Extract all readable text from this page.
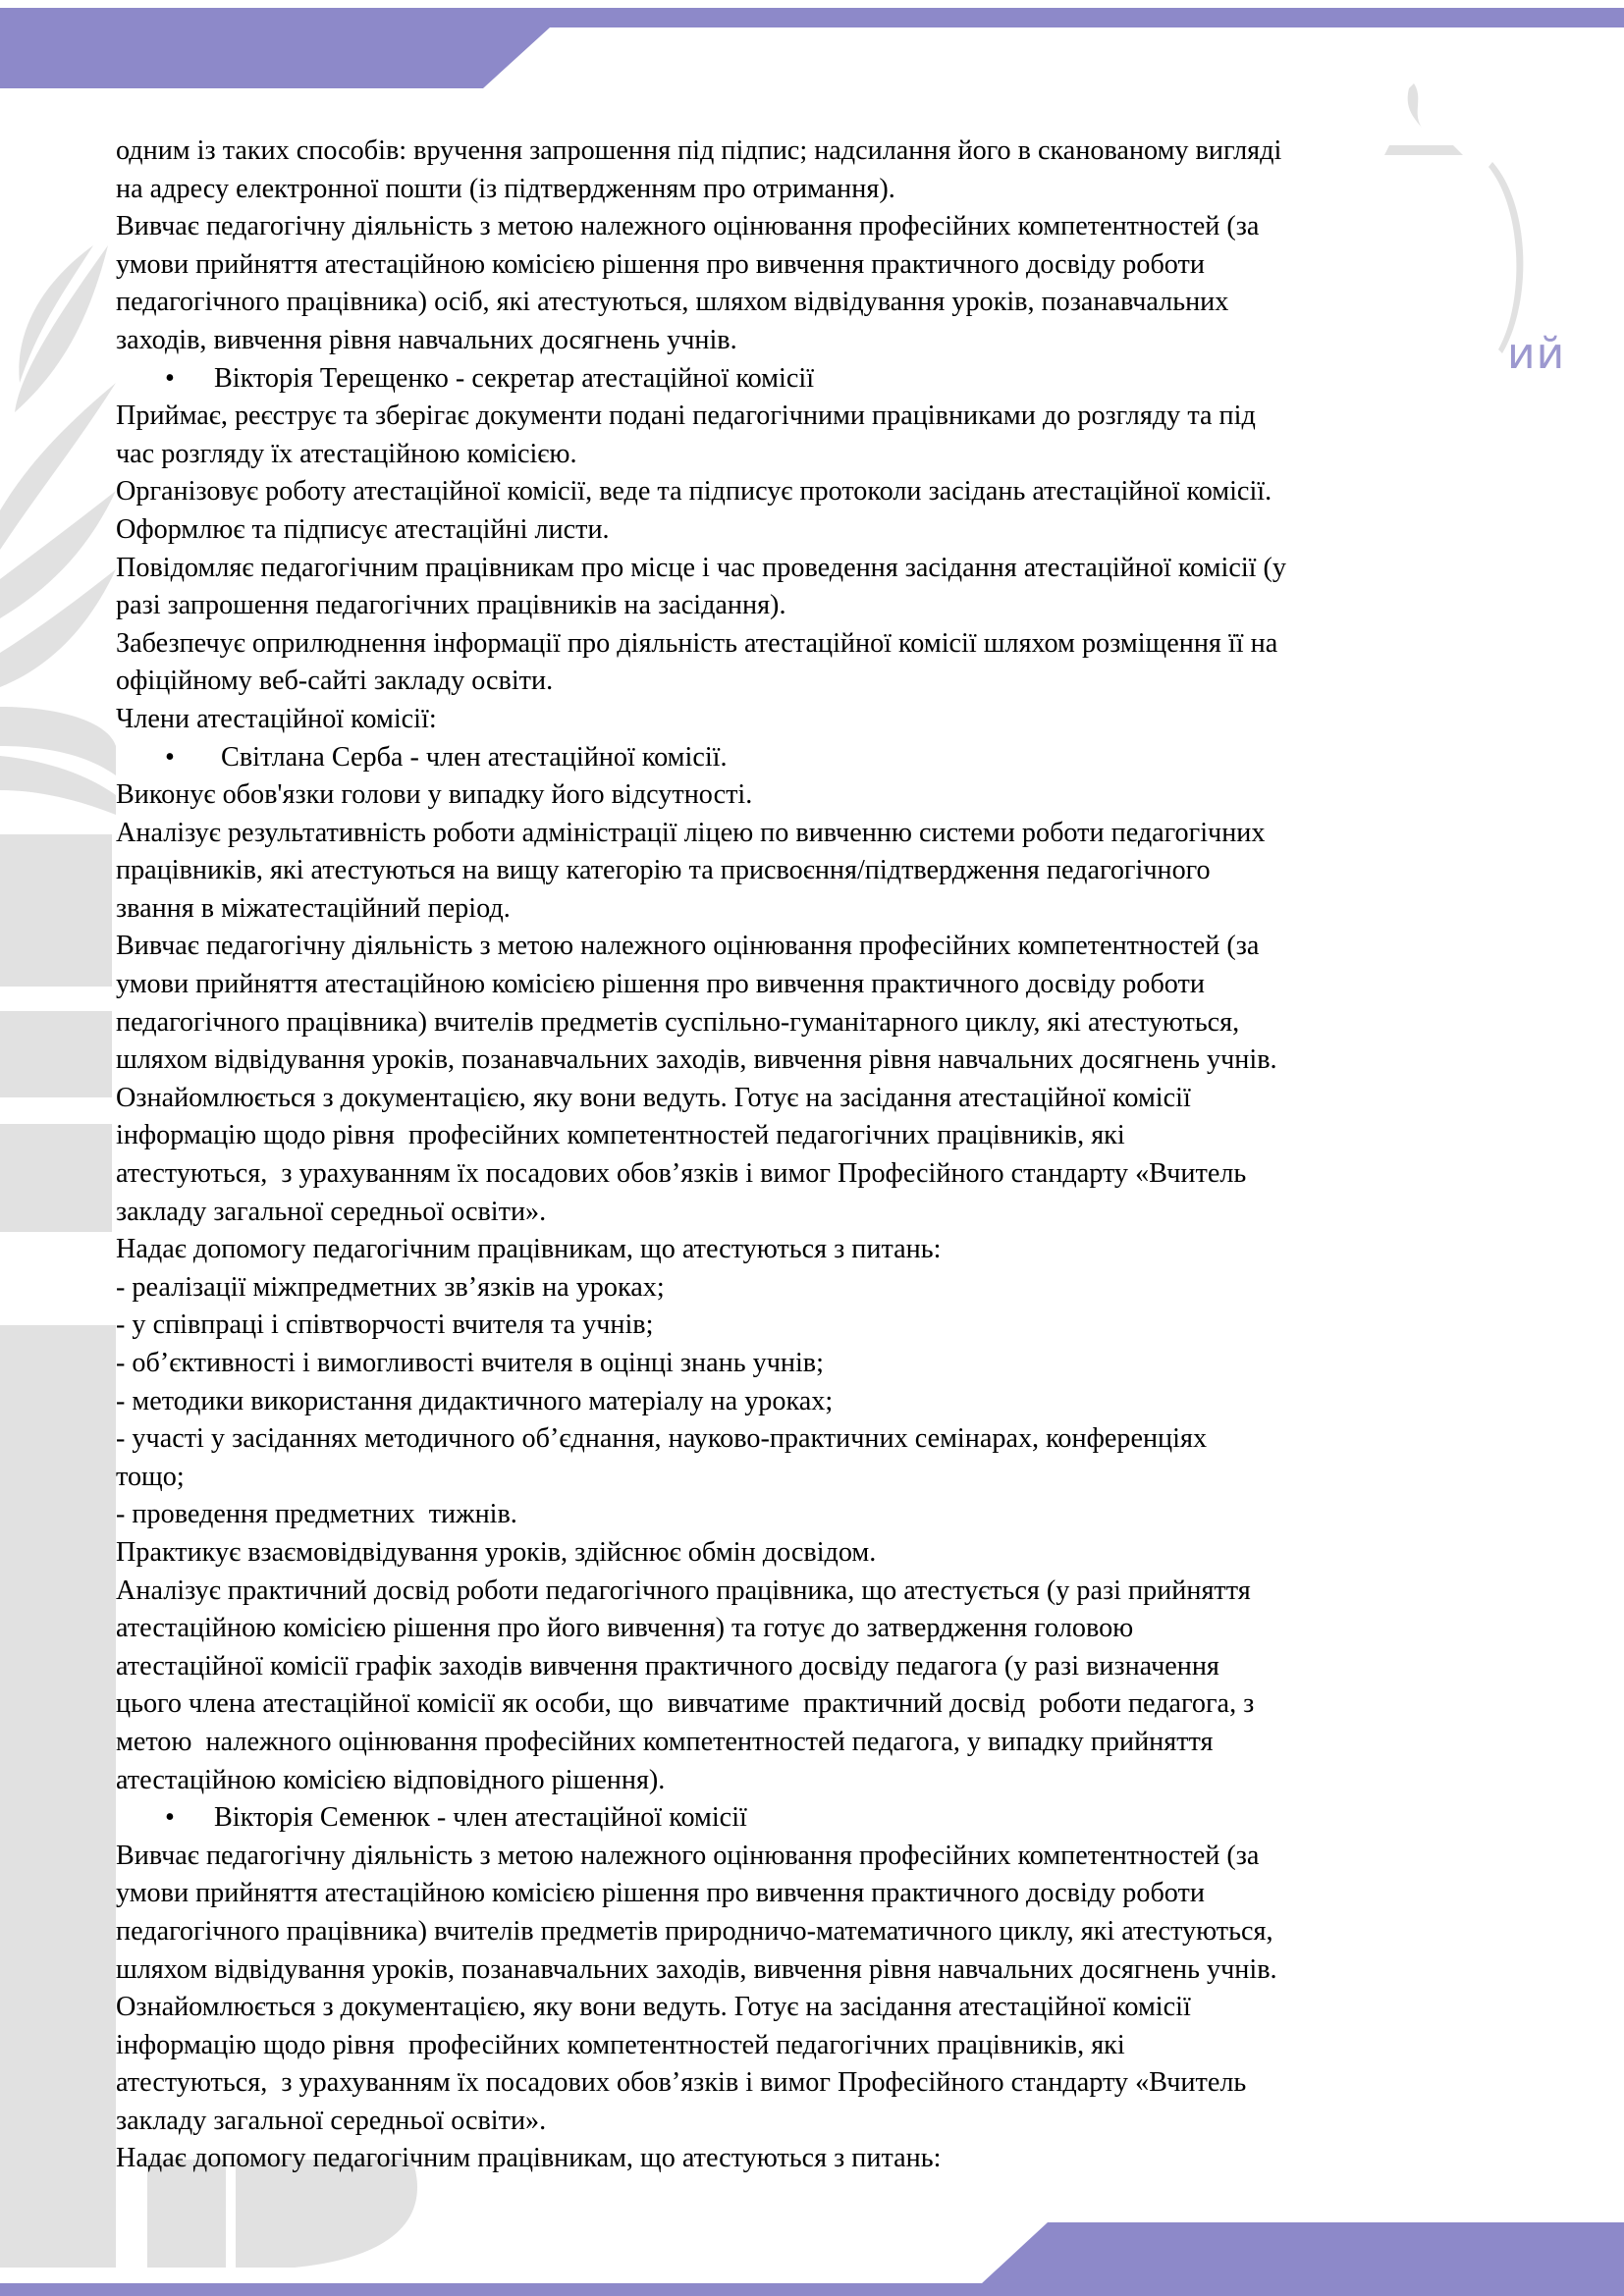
ий
одним із таких способів: вручення запрошення під підпис; надсилання його в сканованому вигляді
на адресу електронної пошти (із підтвердженням про отримання).
Вивчає педагогічну діяльність з метою належного оцінювання професійних компетентностей (за
умови прийняття атестаційною комісією рішення про вивчення практичного досвіду роботи
педагогічного працівника) осіб, які атестуються, шляхом відвідування уроків, позанавчальних
заходів, вивчення рівня навчальних досягнень учнів.
• Вікторія Терещенко - секретар атестаційної комісії
Приймає, реєструє та зберігає документи подані педагогічними працівниками до розгляду та під
час розгляду їх атестаційною комісією.
Організовує роботу атестаційної комісії, веде та підписує протоколи засідань атестаційної комісії.
Оформлює та підписує атестаційні листи.
Повідомляє педагогічним працівникам про місце і час проведення засідання атестаційної комісії (у
разі запрошення педагогічних працівників на засідання).
Забезпечує оприлюднення інформації про діяльність атестаційної комісії шляхом розміщення її на
офіційному веб-сайті закладу освіти.
Члени атестаційної комісії:
• Світлана Серба - член атестаційної комісії.
Виконує обов'язки голови у випадку його відсутності.
Аналізує результативність роботи адміністрації ліцею по вивченню системи роботи педагогічних
працівників, які атестуються на вищу категорію та присвоєння/підтвердження педагогічного
звання в міжатестаційний період.
Вивчає педагогічну діяльність з метою належного оцінювання професійних компетентностей (за
умови прийняття атестаційною комісією рішення про вивчення практичного досвіду роботи
педагогічного працівника) вчителів предметів суспільно-гуманітарного циклу, які атестуються,
шляхом відвідування уроків, позанавчальних заходів, вивчення рівня навчальних досягнень учнів.
Ознайомлюється з документацією, яку вони ведуть. Готує на засідання атестаційної комісії
інформацію щодо рівня  професійних компетентностей педагогічних працівників, які
атестуються,  з урахуванням їх посадових обов’язків і вимог Професійного стандарту «Вчитель
закладу загальної середньої освіти».
Надає допомогу педагогічним працівникам, що атестуються з питань:
- реалізації міжпредметних зв’язків на уроках;
- у співпраці і співтворчості вчителя та учнів;
- об’єктивності і вимогливості вчителя в оцінці знань учнів;
- методики використання дидактичного матеріалу на уроках;
- участі у засіданнях методичного об’єднання, науково-практичних семінарах, конференціях
тощо;
- проведення предметних  тижнів.
Практикує взаємовідвідування уроків, здійснює обмін досвідом.
Аналізує практичний досвід роботи педагогічного працівника, що атестується (у разі прийняття
атестаційною комісією рішення про його вивчення) та готує до затвердження головою
атестаційної комісії графік заходів вивчення практичного досвіду педагога (у разі визначення
цього члена атестаційної комісії як особи, що  вивчатиме  практичний досвід  роботи педагога, з
метою  належного оцінювання професійних компетентностей педагога, у випадку прийняття
атестаційною комісією відповідного рішення).
• Вікторія Семенюк - член атестаційної комісії
Вивчає педагогічну діяльність з метою належного оцінювання професійних компетентностей (за
умови прийняття атестаційною комісією рішення про вивчення практичного досвіду роботи
педагогічного працівника) вчителів предметів природничо-математичного циклу, які атестуються,
шляхом відвідування уроків, позанавчальних заходів, вивчення рівня навчальних досягнень учнів.
Ознайомлюється з документацією, яку вони ведуть. Готує на засідання атестаційної комісії
інформацію щодо рівня  професійних компетентностей педагогічних працівників, які
атестуються,  з урахуванням їх посадових обов’язків і вимог Професійного стандарту «Вчитель
закладу загальної середньої освіти».
Надає допомогу педагогічним працівникам, що атестуються з питань:
